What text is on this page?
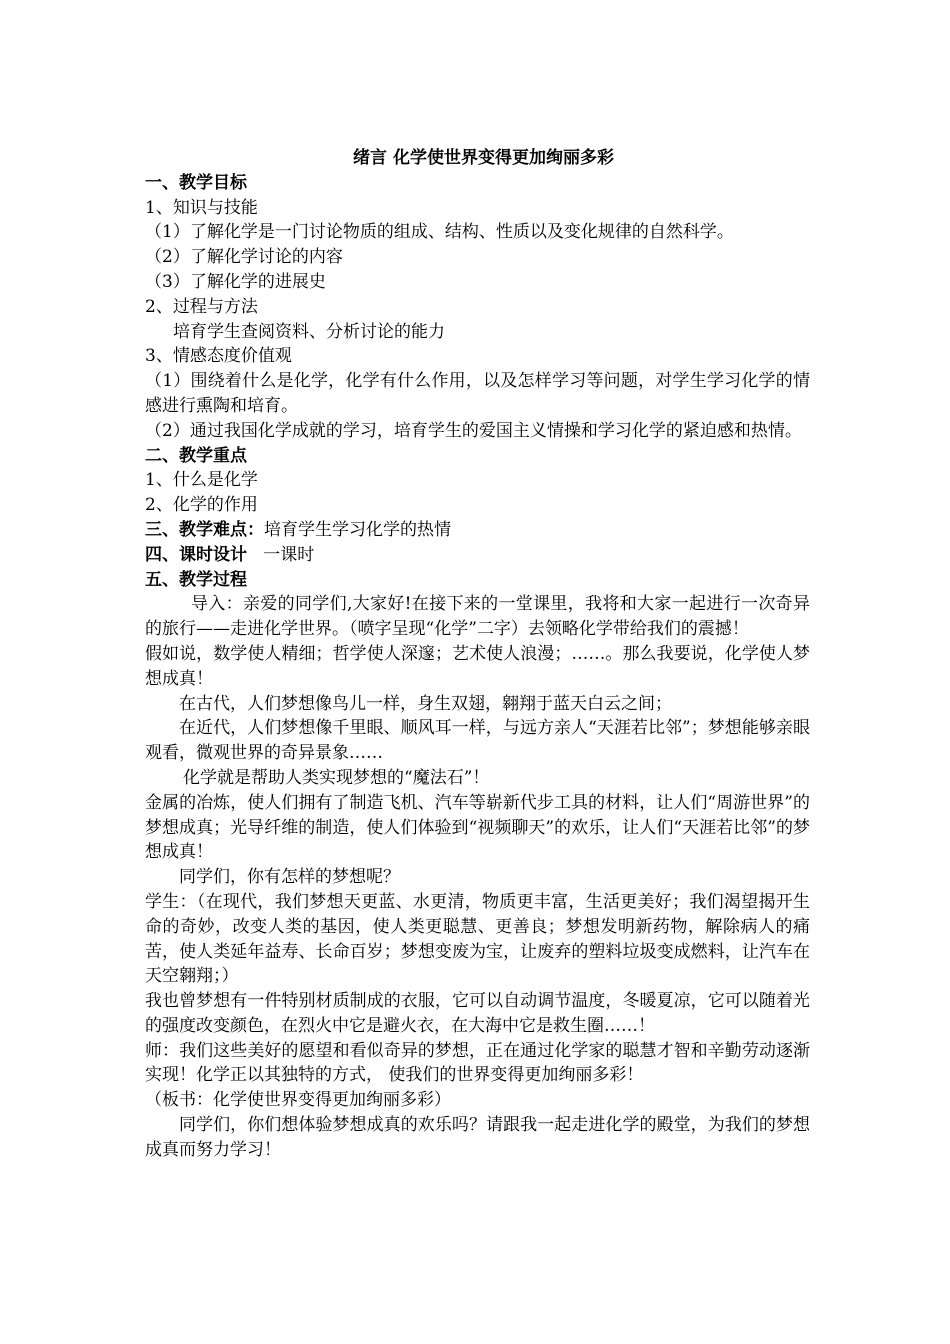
绪言 化学使世界变得更加绚丽多彩
一、教学目标
1、知识与技能
（1）了解化学是一门讨论物质的组成、结构、性质以及变化规律的自然科学。
（2）了解化学讨论的内容
（3）了解化学的进展史
2、过程与方法
培育学生查阅资料、分析讨论的能力
3、情感态度价值观
（1）围绕着什么是化学，化学有什么作用，以及怎样学习等问题，对学生学习化学的情感进行熏陶和培育。
（2）通过我国化学成就的学习，培育学生的爱国主义情操和学习化学的紧迫感和热情。
二、教学重点
1、什么是化学
2、化学的作用
三、教学难点：培育学生学习化学的热情
四、课时设计 一课时
五、教学过程
导入：亲爱的同学们,大家好!在接下来的一堂课里，我将和大家一起进行一次奇异的旅行——走进化学世界。（喷字呈现“化学”二字）去领略化学带给我们的震撼！
假如说，数学使人精细；哲学使人深邃；艺术使人浪漫；……。那么我要说，化学使人梦想成真！
在古代，人们梦想像鸟儿一样，身生双翅，翱翔于蓝天白云之间；
在近代，人们梦想像千里眼、顺风耳一样，与远方亲人“天涯若比邻”；梦想能够亲眼观看，微观世界的奇异景象……
化学就是帮助人类实现梦想的“魔法石”！
金属的冶炼，使人们拥有了制造飞机、汽车等崭新代步工具的材料，让人们“周游世界”的梦想成真；光导纤维的制造，使人们体验到“视频聊天”的欢乐，让人们“天涯若比邻”的梦想成真！
同学们，你有怎样的梦想呢？
学生：（在现代，我们梦想天更蓝、水更清，物质更丰富，生活更美好；我们渴望揭开生命的奇妙，改变人类的基因，使人类更聪慧、更善良；梦想发明新药物，解除病人的痛苦，使人类延年益寿、长命百岁；梦想变废为宝，让废弃的塑料垃圾变成燃料，让汽车在天空翱翔；）
我也曾梦想有一件特别材质制成的衣服，它可以自动调节温度，冬暖夏凉，它可以随着光的强度改变颜色，在烈火中它是避火衣，在大海中它是救生圈……！
师：我们这些美好的愿望和看似奇异的梦想，正在通过化学家的聪慧才智和辛勤劳动逐渐实现！化学正以其独特的方式， 使我们的世界变得更加绚丽多彩！
（板书：化学使世界变得更加绚丽多彩）
同学们，你们想体验梦想成真的欢乐吗？请跟我一起走进化学的殿堂，为我们的梦想成真而努力学习！
